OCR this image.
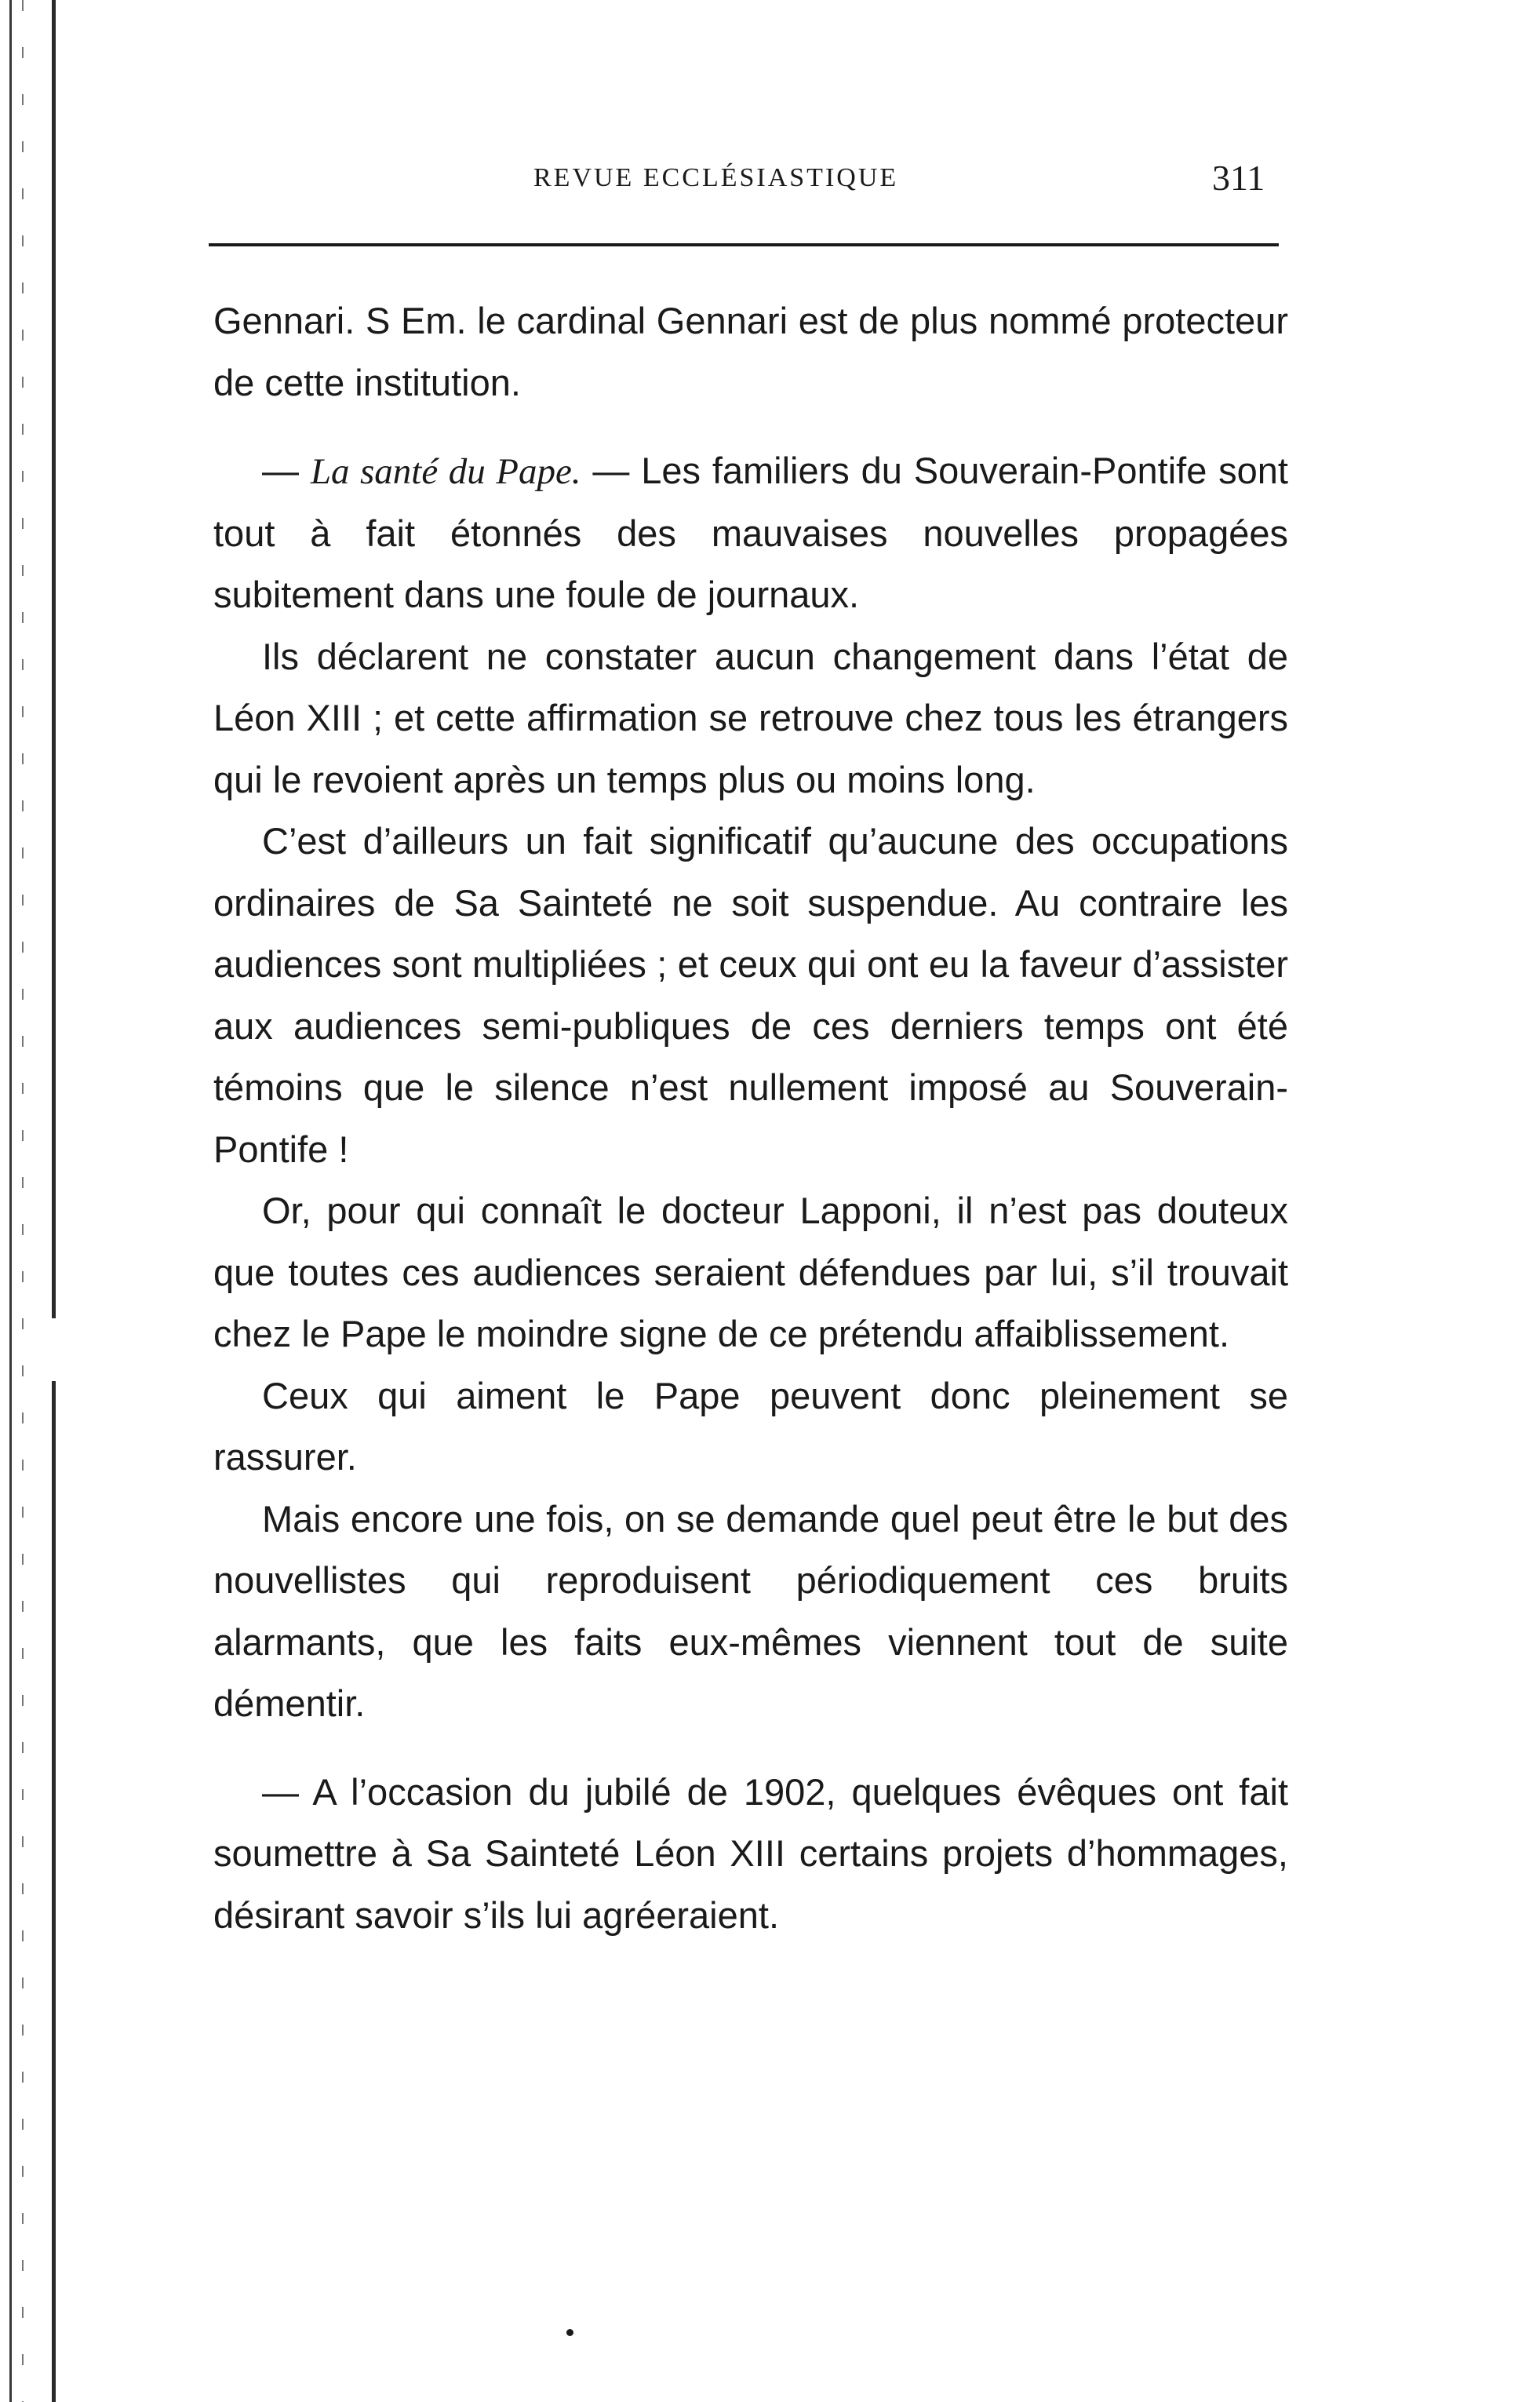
REVUE ECCLÉSIASTIQUE	311

Gennari. S Em. le cardinal Gennari est de plus nommé protecteur de cette institution.

— La santé du Pape. — Les familiers du Souverain-Pontife sont tout à fait étonnés des mauvaises nouvelles propagées subitement dans une foule de journaux.

Ils déclarent ne constater aucun changement dans l’état de Léon XIII ; et cette affirmation se retrouve chez tous les étrangers qui le revoient après un temps plus ou moins long.

C’est d’ailleurs un fait significatif qu’aucune des occupations ordinaires de Sa Sainteté ne soit suspendue. Au contraire les audiences sont multipliées ; et ceux qui ont eu la faveur d’assister aux audiences semi-publiques de ces derniers temps ont été témoins que le silence n’est nullement imposé au Souverain-Pontife !

Or, pour qui connaît le docteur Lapponi, il n’est pas douteux que toutes ces audiences seraient défendues par lui, s’il trouvait chez le Pape le moindre signe de ce prétendu affaiblissement.

Ceux qui aiment le Pape peuvent donc pleinement se rassurer.

Mais encore une fois, on se demande quel peut être le but des nouvellistes qui reproduisent périodiquement ces bruits alarmants, que les faits eux-mêmes viennent tout de suite démentir.

— A l’occasion du jubilé de 1902, quelques évêques ont fait soumettre à Sa Sainteté Léon XIII certains projets d’hommages, désirant savoir s’ils lui agréeraient.
